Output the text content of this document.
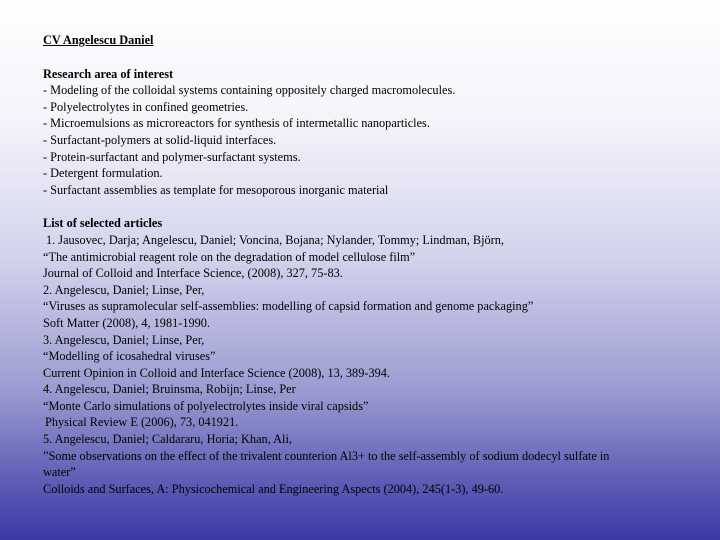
CV Angelescu Daniel

Research area of interest

- Modeling of the colloidal systems containing oppositely charged macromolecules.
- Polyelectrolytes in confined geometries.
- Microemulsions as microreactors for synthesis of intermetallic nanoparticles.
- Surfactant-polymers at solid-liquid interfaces.
- Protein-surfactant and polymer-surfactant systems.
- Detergent formulation.
- Surfactant assemblies as template for mesoporous inorganic material

List of selected articles

1. Jausovec, Darja; Angelescu, Daniel; Voncina, Bojana; Nylander, Tommy; Lindman, Björn,

“The antimicrobial reagent role on the degradation of model cellulose film”

Journal of Colloid and Interface Science, (2008), 327, 75-83.

2. Angelescu, Daniel; Linse, Per,

“Viruses as supramolecular self-assemblies: modelling of capsid formation and genome packaging”

Soft Matter (2008), 4, 1981-1990.

3. Angelescu, Daniel; Linse, Per,

“Modelling of icosahedral viruses”

Current Opinion in Colloid and Interface Science (2008), 13, 389-394.

4. Angelescu, Daniel; Bruinsma, Robijn; Linse, Per

“Monte Carlo simulations of polyelectrolytes inside viral capsids”

Physical Review E (2006), 73, 041921.

5. Angelescu, Daniel; Caldararu, Horia; Khan, Ali,

”Some observations on the effect of the trivalent counterion Al3+ to the self-assembly of sodium dodecyl sulfate in water”

Colloids and Surfaces, A: Physicochemical and Engineering Aspects (2004), 245(1-3), 49-60.
